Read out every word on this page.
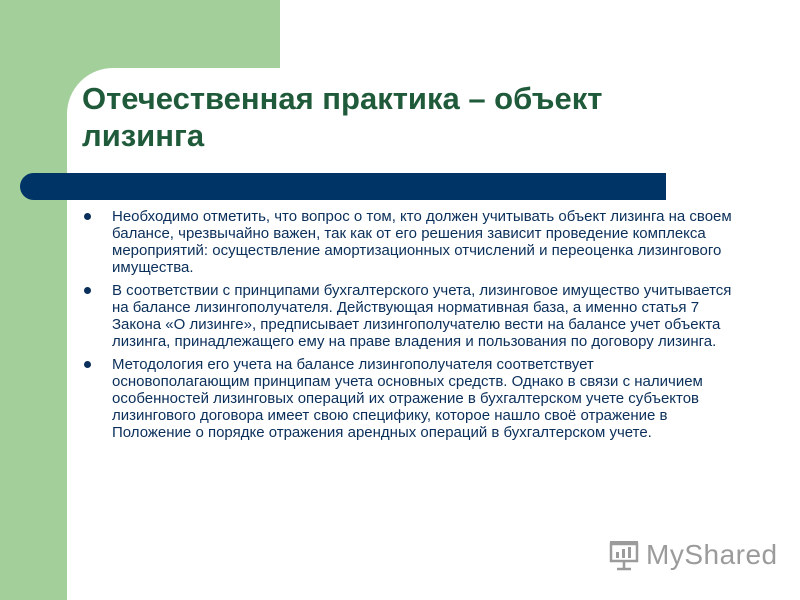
Отечественная практика – объект лизинга
Необходимо отметить, что вопрос о том, кто должен учитывать объект лизинга на своем балансе, чрезвычайно важен, так как от его решения зависит проведение комплекса мероприятий: осуществление амортизационных отчислений и переоценка лизингового имущества.
В соответствии с принципами бухгалтерского учета, лизинговое имущество учитывается на балансе лизингополучателя. Действующая нормативная база, а именно статья 7 Закона «О лизинге», предписывает лизингополучателю вести на балансе учет объекта лизинга, принадлежащего ему на праве владения и пользования по договору лизинга.
Методология его учета на балансе лизингополучателя соответствует основополагающим принципам учета основных средств. Однако в связи с наличием особенностей лизинговых операций их отражение в бухгалтерском учете субъектов лизингового договора имеет свою специфику, которое нашло своё отражение в Положение о порядке отражения арендных операций в бухгалтерском учете.
MyShared
